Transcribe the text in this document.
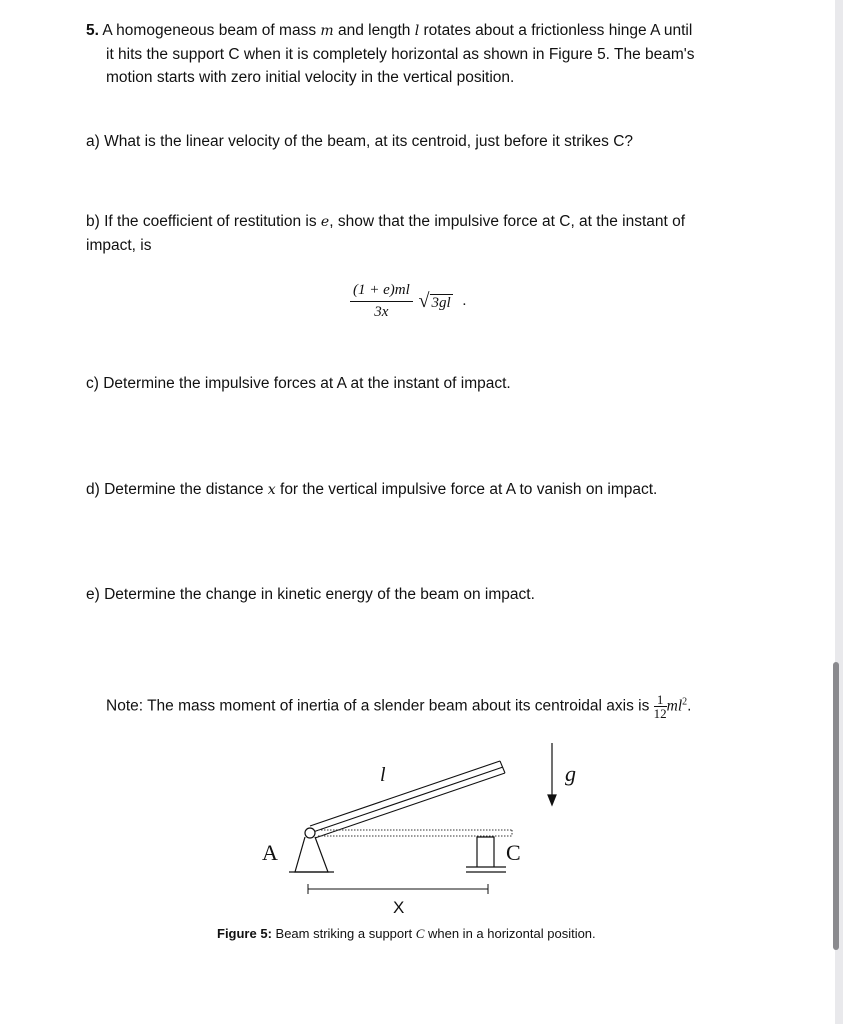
5. A homogeneous beam of mass m and length l rotates about a frictionless hinge A until
it hits the support C when it is completely horizontal as shown in Figure 5. The beam's
motion starts with zero initial velocity in the vertical position.
a) What is the linear velocity of the beam, at its centroid, just before it strikes C?
b) If the coefficient of restitution is e, show that the impulsive force at C, at the instant of
impact, is
$\frac{(1 + e)ml}{3x}$ √ 3gl .
c) Determine the impulsive forces at A at the instant of impact.
d) Determine the distance x for the vertical impulsive force at A to vanish on impact.
e) Determine the change in kinetic energy of the beam on impact.
Note: The mass moment of inertia of a slender beam about its centroidal axis is $\frac{1}{12}ml^2$.
A	C
l	g
X
Figure 5: Beam striking a support C when in a horizontal position.
